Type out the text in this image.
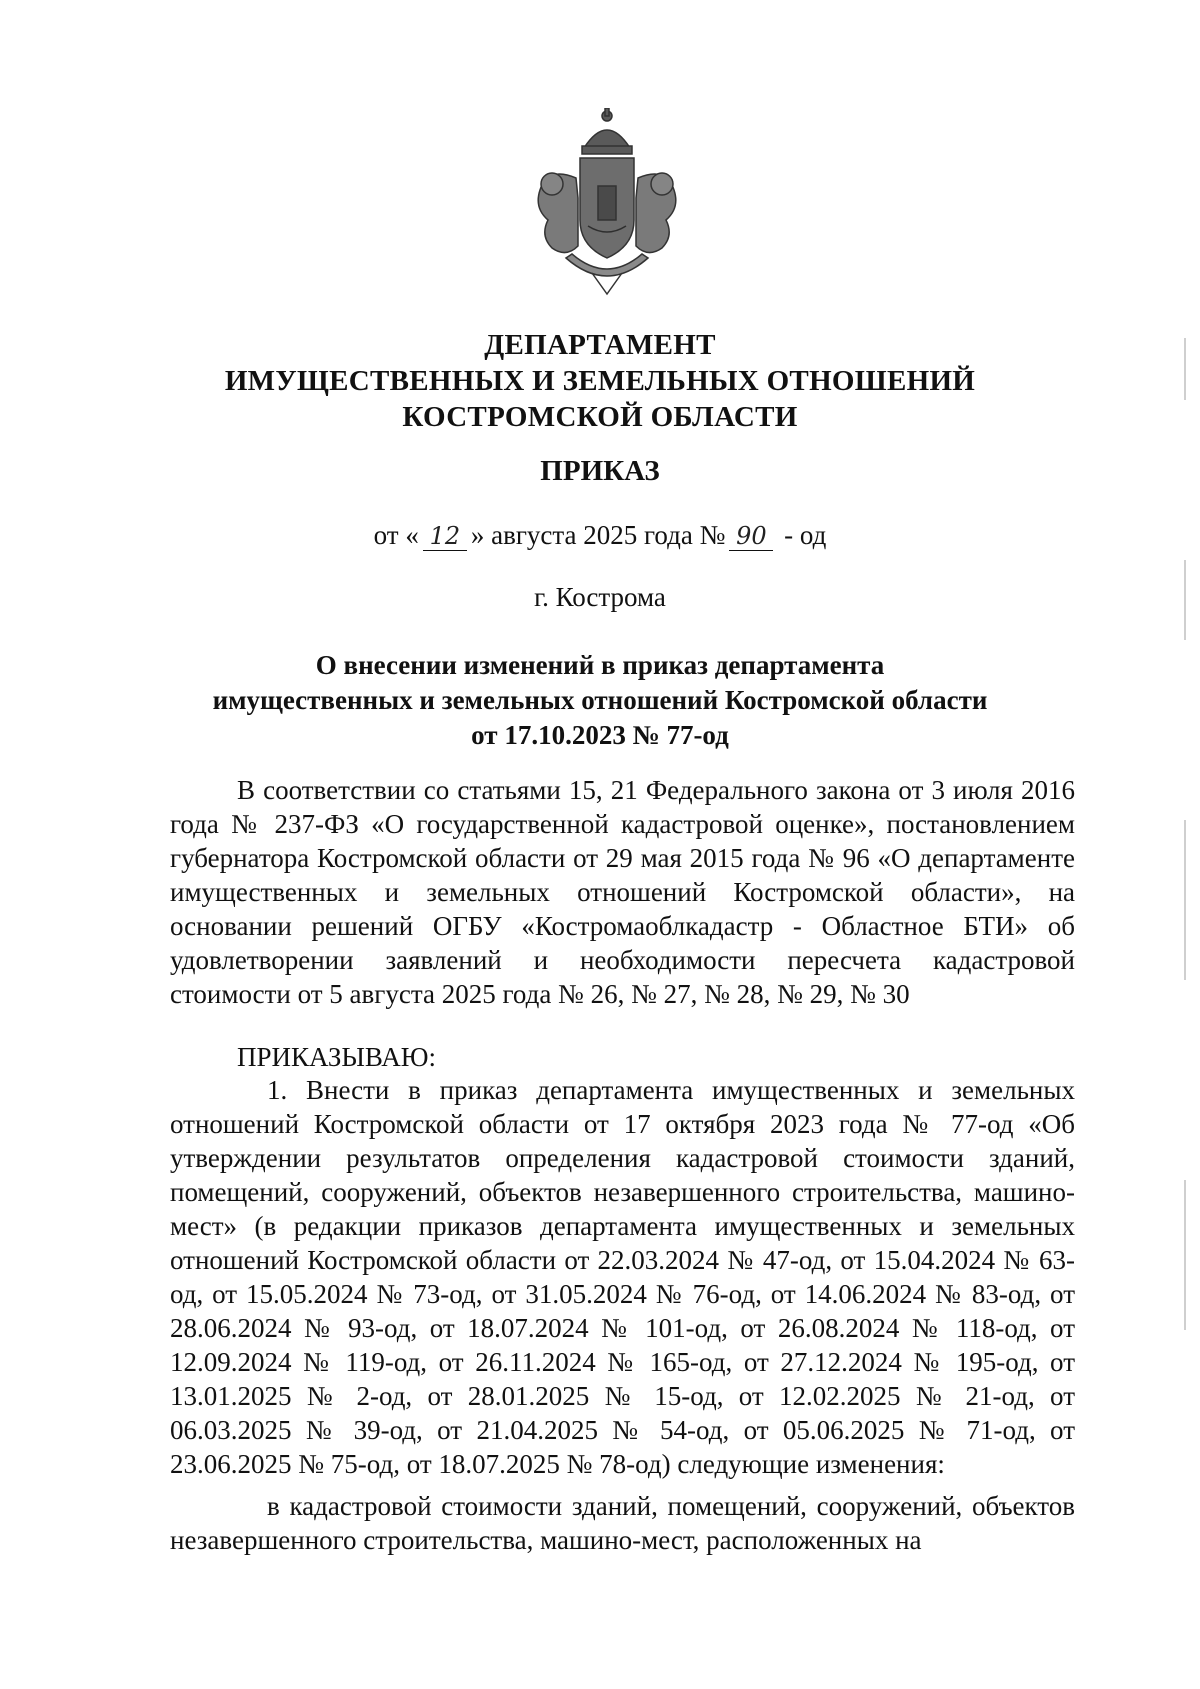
ДЕПАРТАМЕНТ
ИМУЩЕСТВЕННЫХ И ЗЕМЕЛЬНЫХ ОТНОШЕНИЙ
КОСТРОМСКОЙ ОБЛАСТИ
ПРИКАЗ
от « 12 » августа 2025 года № 90 - од
г. Кострома
О внесении изменений в приказ департамента
имущественных и земельных отношений Костромской области
от 17.10.2023 № 77-од

В соответствии со статьями 15, 21 Федерального закона от 3 июля 2016 года № 237-ФЗ «О государственной кадастровой оценке», постановлением губернатора Костромской области от 29 мая 2015 года № 96 «О департаменте имущественных и земельных отношений Костромской области», на основании решений ОГБУ «Костромаоблкадастр - Областное БТИ» об удовлетворении заявлений и необходимости пересчета кадастровой стоимости от 5 августа 2025 года № 26, № 27, № 28, № 29, № 30

ПРИКАЗЫВАЮ:

1. Внести в приказ департамента имущественных и земельных отношений Костромской области от 17 октября 2023 года № 77-од «Об утверждении результатов определения кадастровой стоимости зданий, помещений, сооружений, объектов незавершенного строительства, машино-мест» (в редакции приказов департамента имущественных и земельных отношений Костромской области от 22.03.2024 № 47-од, от 15.04.2024 № 63-од, от 15.05.2024 № 73-од, от 31.05.2024 № 76-од, от 14.06.2024 № 83-од, от 28.06.2024 № 93-од, от 18.07.2024 № 101-од, от 26.08.2024 № 118-од, от 12.09.2024 № 119-од, от 26.11.2024 № 165-од, от 27.12.2024 № 195-од, от 13.01.2025 № 2-од, от 28.01.2025 № 15-од, от 12.02.2025 № 21-од, от 06.03.2025 № 39-од, от 21.04.2025 № 54-од, от 05.06.2025 № 71-од, от 23.06.2025 № 75-од, от 18.07.2025 № 78-од) следующие изменения:

в кадастровой стоимости зданий, помещений, сооружений, объектов незавершенного строительства, машино-мест, расположенных на
